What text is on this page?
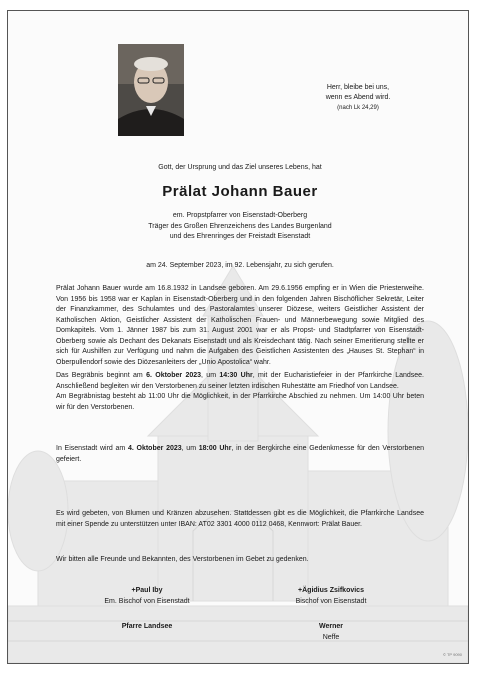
Herr, bleibe bei uns,
wenn es Abend wird.
(nach Lk 24,29)
Gott, der Ursprung und das Ziel unseres Lebens, hat
Prälat Johann Bauer
em. Propstpfarrer von Eisenstadt-Oberberg
Träger des Großen Ehrenzeichens des Landes Burgenland
und des Ehrenringes der Freistadt Eisenstadt
am 24. September 2023, im 92. Lebensjahr, zu sich gerufen.
Prälat Johann Bauer wurde am 16.8.1932 in Landsee geboren. Am 29.6.1956 empfing er in Wien die Priesterweihe. Von 1956 bis 1958 war er Kaplan in Eisenstadt-Oberberg und in den folgenden Jahren Bischöflicher Sekretär, Leiter der Finanzkammer, des Schulamtes und des Pastoralamtes unserer Diözese, weiters Geistlicher Assistent der Katholischen Aktion, Geistlicher Assistent der Katholischen Frauen- und Männerbewegung sowie Mitglied des Domkapitels. Vom 1. Jänner 1987 bis zum 31. August 2001 war er als Propst- und Stadtpfarrer von Eisenstadt-Oberberg sowie als Dechant des Dekanats Eisenstadt und als Kreisdechant tätig. Nach seiner Emeritierung stellte er sich für Aushilfen zur Verfügung und nahm die Aufgaben des Geistlichen Assistenten des „Hauses St. Stephan“ in Oberpullendorf sowie des Diözesanleiters der „Unio Apostolica“ wahr.
Das Begräbnis beginnt am 6. Oktober 2023, um 14:30 Uhr, mit der Eucharistiefeier in der Pfarrkirche Landsee. Anschließend begleiten wir den Verstorbenen zu seiner letzten irdischen Ruhestätte am Friedhof von Landsee.
Am Begräbnistag besteht ab 11:00 Uhr die Möglichkeit, in der Pfarrkirche Abschied zu nehmen. Um 14:00 Uhr beten wir für den Verstorbenen.
In Eisenstadt wird am 4. Oktober 2023, um 18:00 Uhr, in der Bergkirche eine Gedenkmesse für den Verstorbenen gefeiert.
Es wird gebeten, von Blumen und Kränzen abzusehen. Stattdessen gibt es die Möglichkeit, die Pfarrkirche Landsee mit einer Spende zu unterstützen unter IBAN: AT02 3301 4000 0112 0468, Kennwort: Prälat Bauer.
Wir bitten alle Freunde und Bekannten, des Verstorbenen im Gebet zu gedenken.
+Paul Iby
Em. Bischof von Eisenstadt
+Ägidius Zsifkovics
Bischof von Eisenstadt
Pfarre Landsee	Werner
Neffe
© TP 9090
